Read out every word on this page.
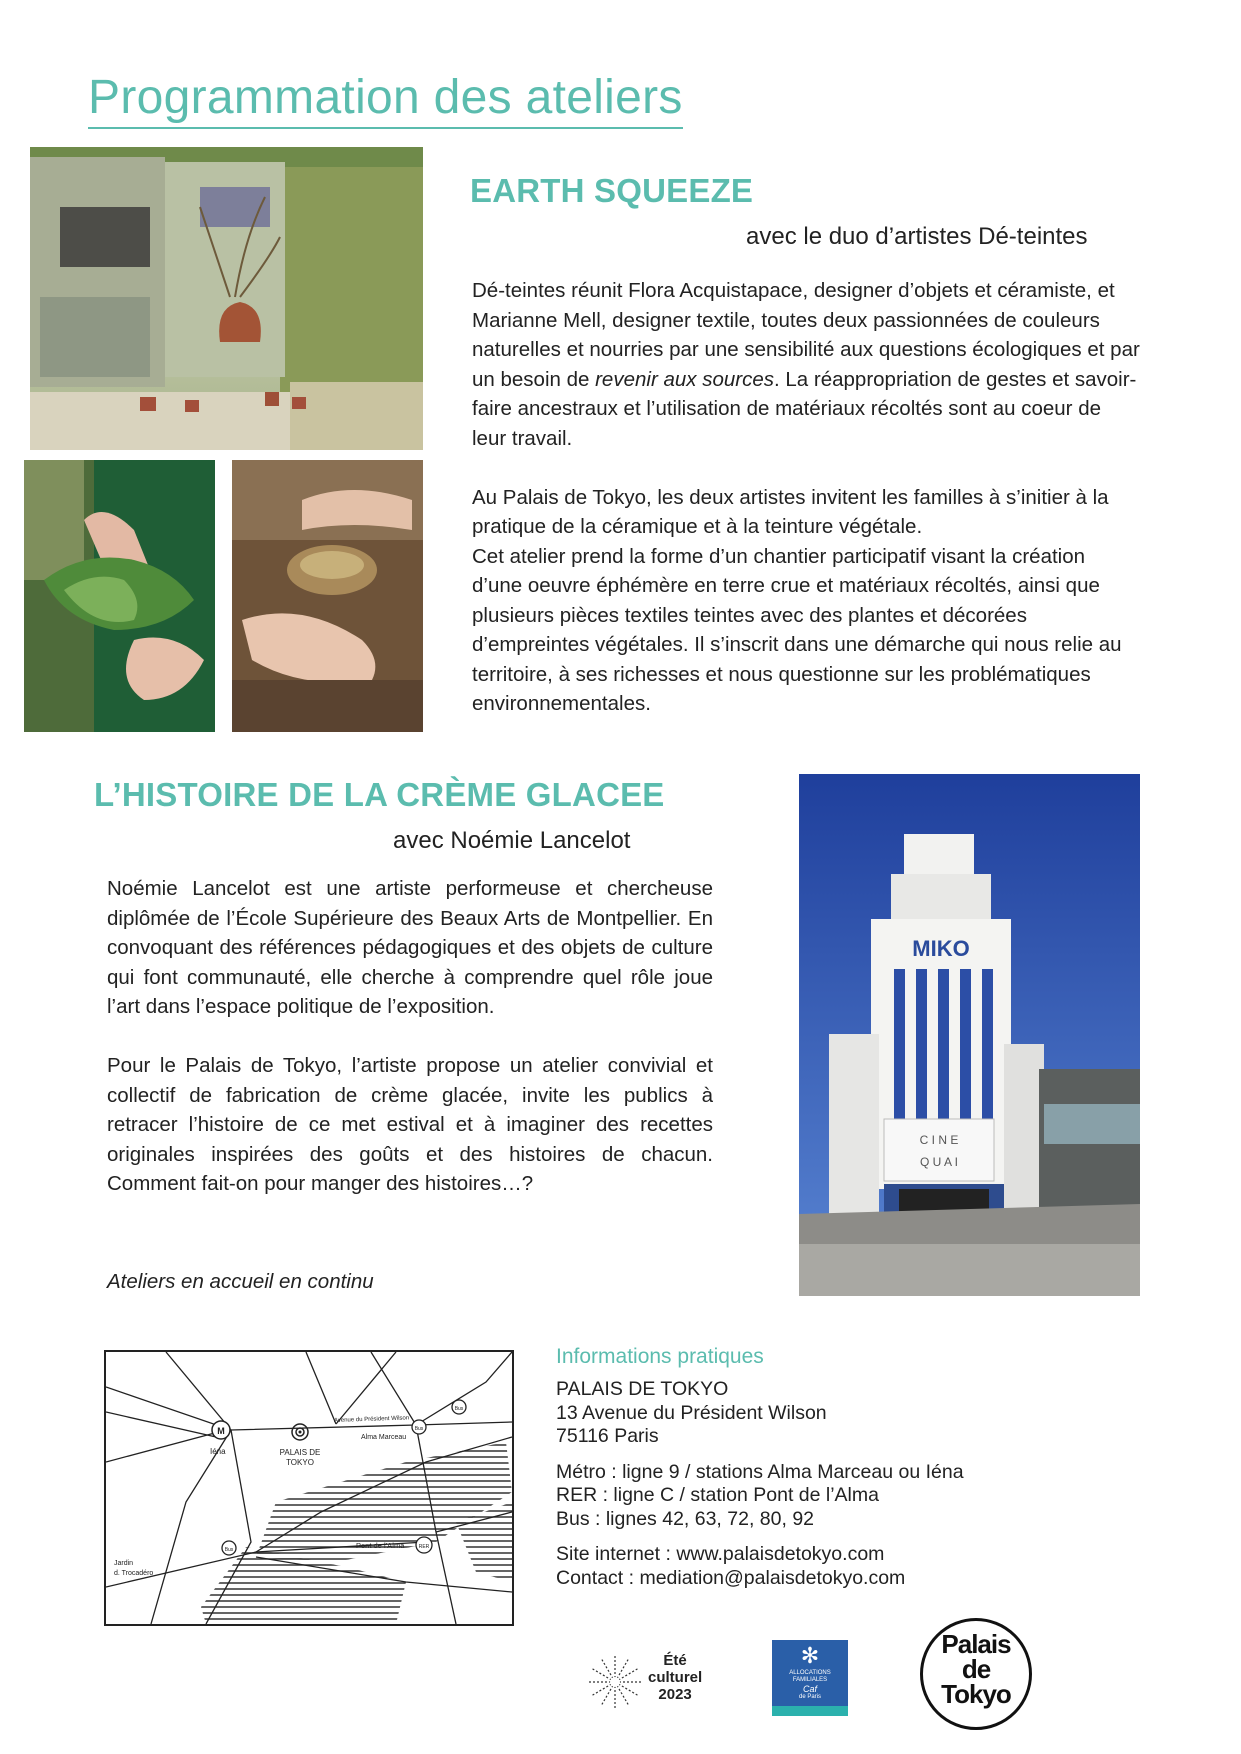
Programmation des ateliers
EARTH SQUEEZE
avec le duo d’artistes Dé-teintes

Dé-teintes réunit Flora Acquistapace, designer d’objets et céramiste, et Marianne Mell, designer textile, toutes deux passionnées de couleurs naturelles et nourries par une sensibilité aux questions écologiques et par un besoin de revenir aux sources. La réappropriation de gestes et savoir-faire ancestraux et l’utilisation de matériaux récoltés sont au coeur de leur travail.

Au Palais de Tokyo, les deux artistes invitent les familles à s’initier à la pratique de la céramique et à la teinture végétale.
Cet atelier prend la forme d’un chantier participatif visant la création d’une oeuvre éphémère en terre crue et matériaux récoltés, ainsi que plusieurs pièces textiles teintes avec des plantes et décorées d’empreintes végétales. Il s’inscrit dans une démarche qui nous relie au territoire, à ses richesses et nous questionne sur les problématiques environnementales.

L’HISTOIRE DE LA CRÈME GLACEE
avec Noémie Lancelot

Noémie Lancelot est une artiste performeuse et chercheuse diplômée de l’École Supérieure des Beaux Arts de Montpellier. En convoquant des références pédagogiques et des objets de culture qui font communauté, elle cherche à comprendre quel rôle joue l’art dans l’espace politique de l’exposition.

Pour le Palais de Tokyo, l’artiste propose un atelier convivial et collectif de fabrication de crème glacée, invite les publics à retracer l’histoire de ce met estival et à imaginer des recettes originales inspirées des goûts et des histoires de chacun. Comment fait-on pour manger des histoires…?

Ateliers en accueil en continu
MIKO
C I N E
Q U A I
M
Iéna	PALAIS DE
TOKYO
Alma Marceau
Avenue du Président Wilson
Bus
Bus
Bus	RER
Pont de l’Alma
Jardin
d. Trocadéro
Informations pratiques
PALAIS DE TOKYO
13 Avenue du Président Wilson
75116 Paris
Métro : ligne 9 / stations Alma Marceau ou Iéna
RER : ligne C / station Pont de l’Alma
Bus : lignes 42, 63, 72, 80, 92
Site internet : www.palaisdetokyo.com
Contact : mediation@palaisdetokyo.com
Été
culturel
2023
✻
ALLOCATIONS
FAMILIALES
Caf
de Paris
Palais
de
Tokyo
